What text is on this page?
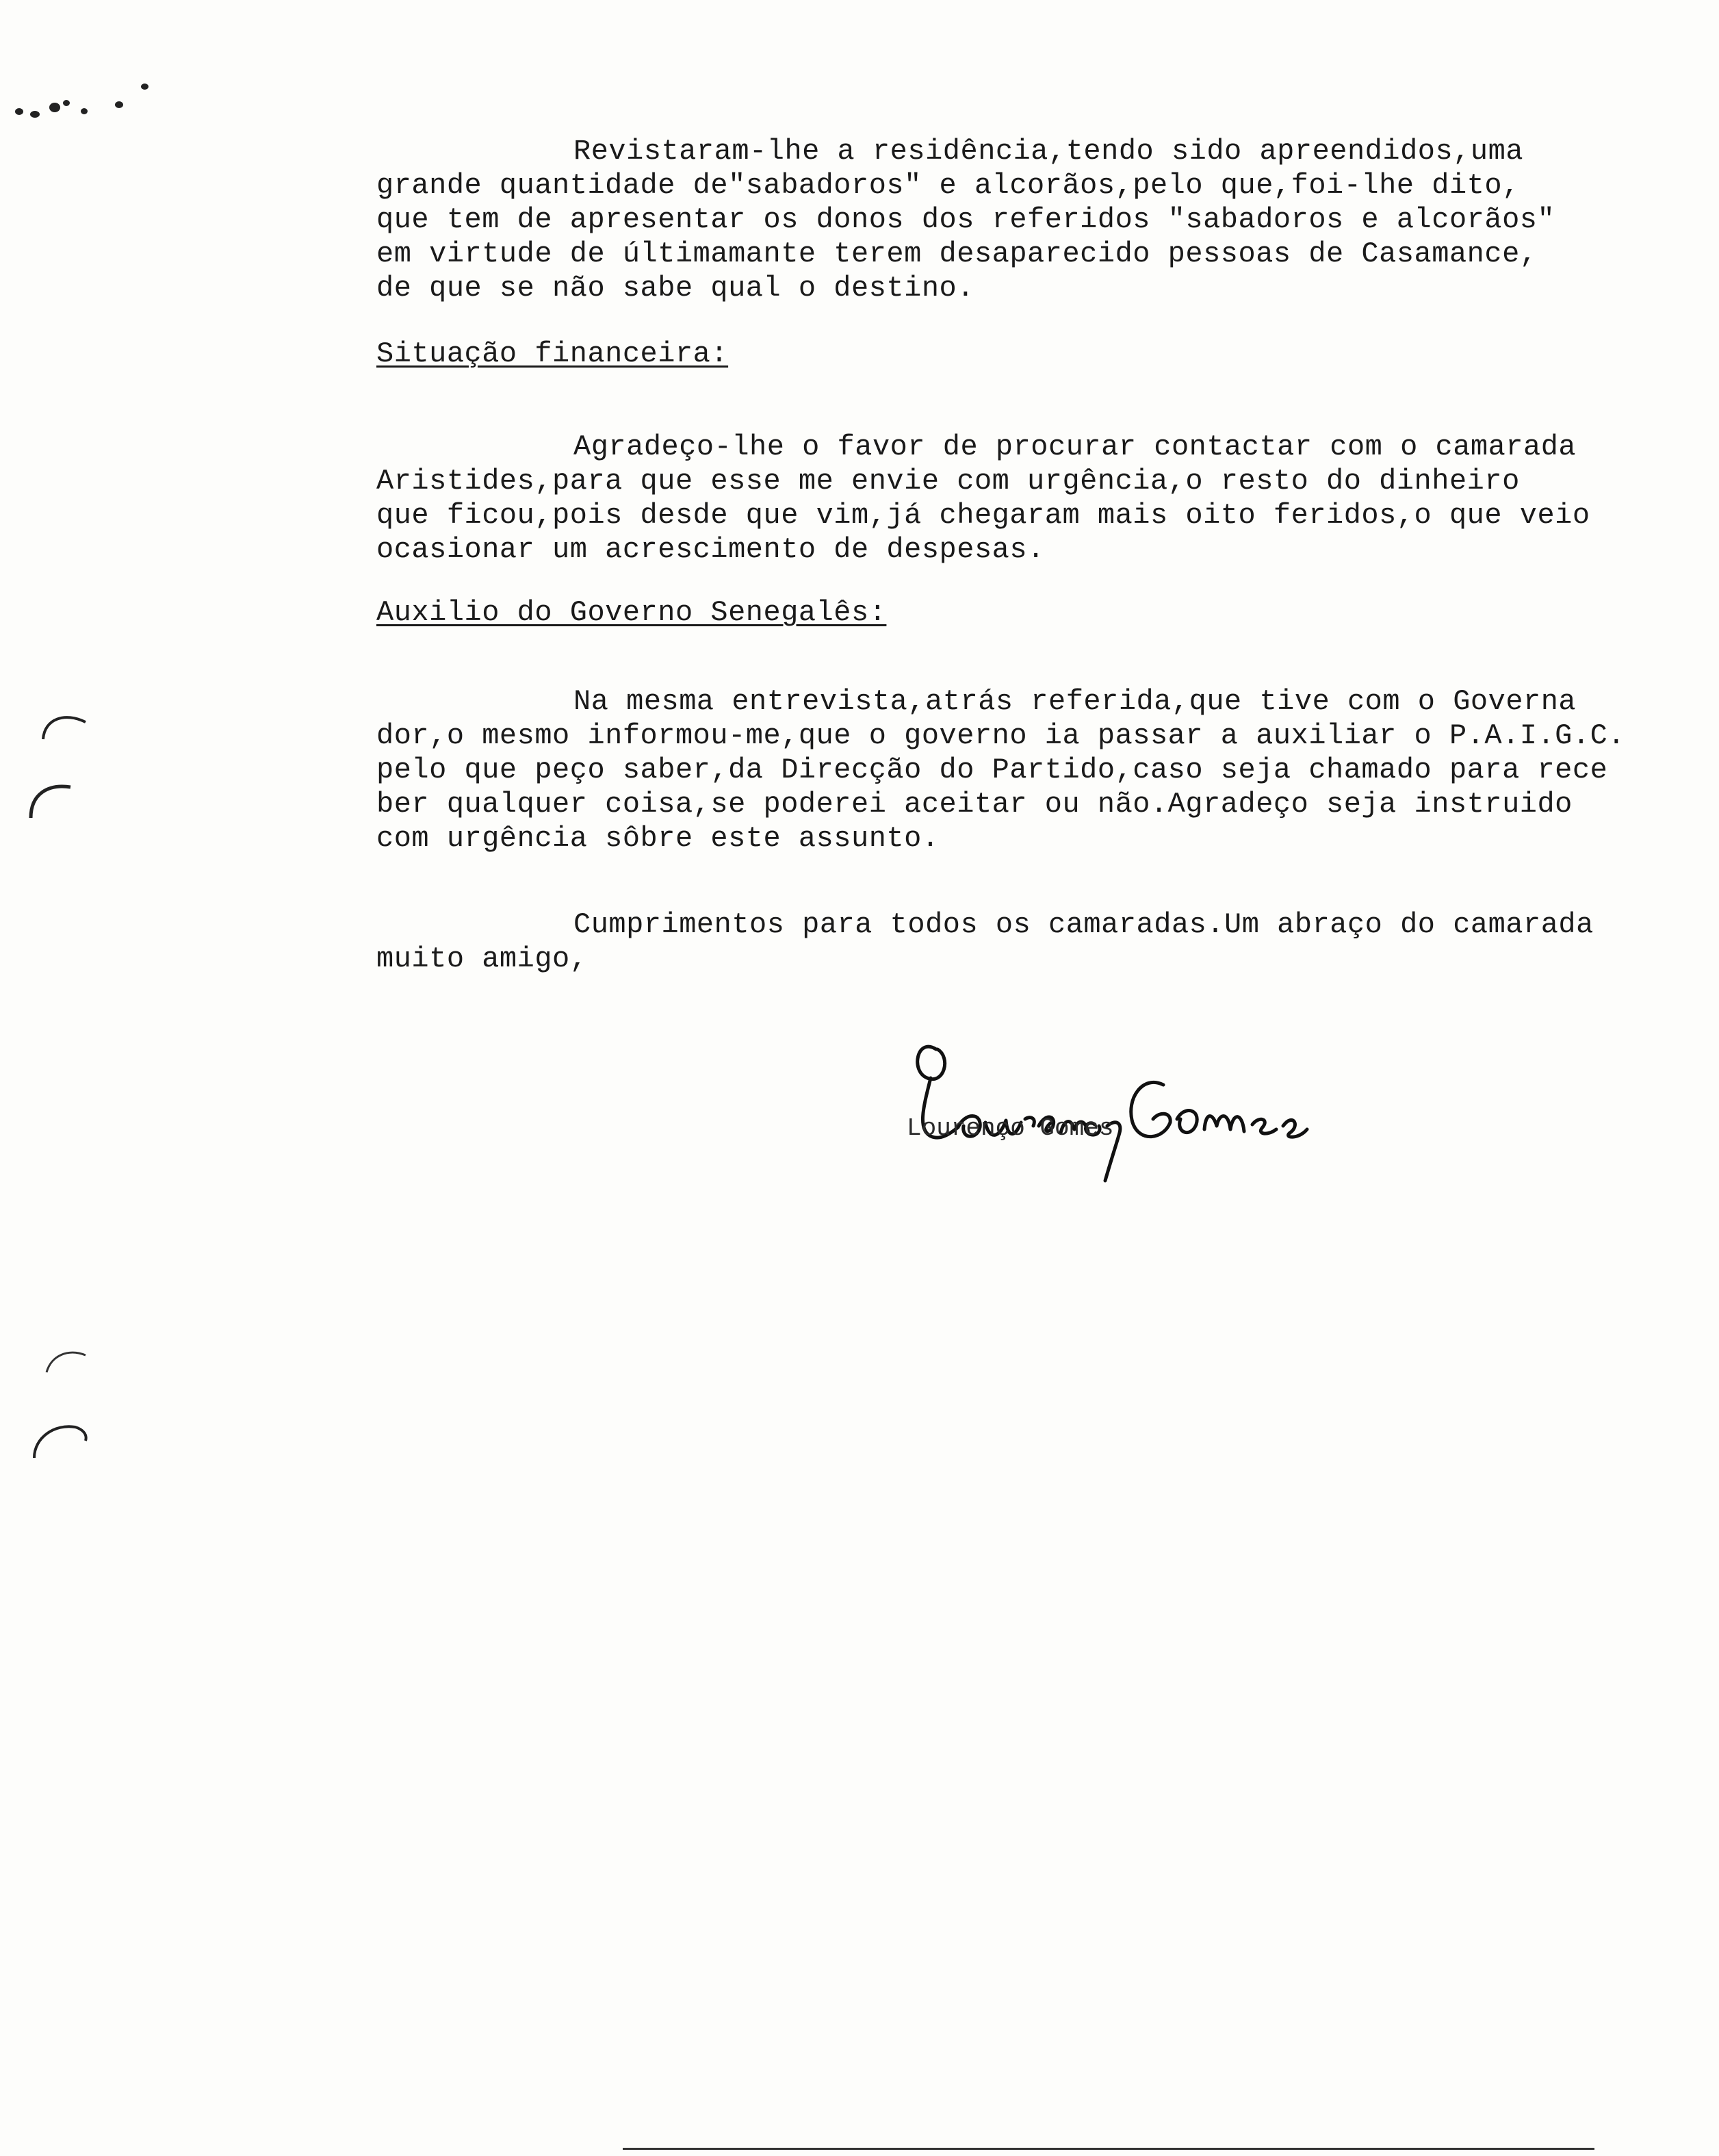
Revistaram-lhe a residência,tendo sido apreendidos,uma
grande quantidade de"sabadoros" e alcorãos,pelo que,foi-lhe dito,
que tem de apresentar os donos dos referidos "sabadoros e alcorãos"
em virtude de últimamante terem desaparecido pessoas de Casamance,
de que se não sabe qual o destino.
Situação financeira:
Agradeço-lhe o favor de procurar contactar com o camarada
Aristides,para que esse me envie com urgência,o resto do dinheiro
que ficou,pois desde que vim,já chegaram mais oito feridos,o que veio
ocasionar um acrescimento de despesas.
Auxilio do Governo Senegalês:
Na mesma entrevista,atrás referida,que tive com o Governa
dor,o mesmo informou-me,que o governo ia passar a auxiliar o P.A.I.G.C.
pelo que peço saber,da Direcção do Partido,caso seja chamado para rece
ber qualquer coisa,se poderei aceitar ou não.Agradeço seja instruido
com urgência sôbre este assunto.
Cumprimentos para todos os camaradas.Um abraço do camarada
muito amigo,
Lourenço Gomes
